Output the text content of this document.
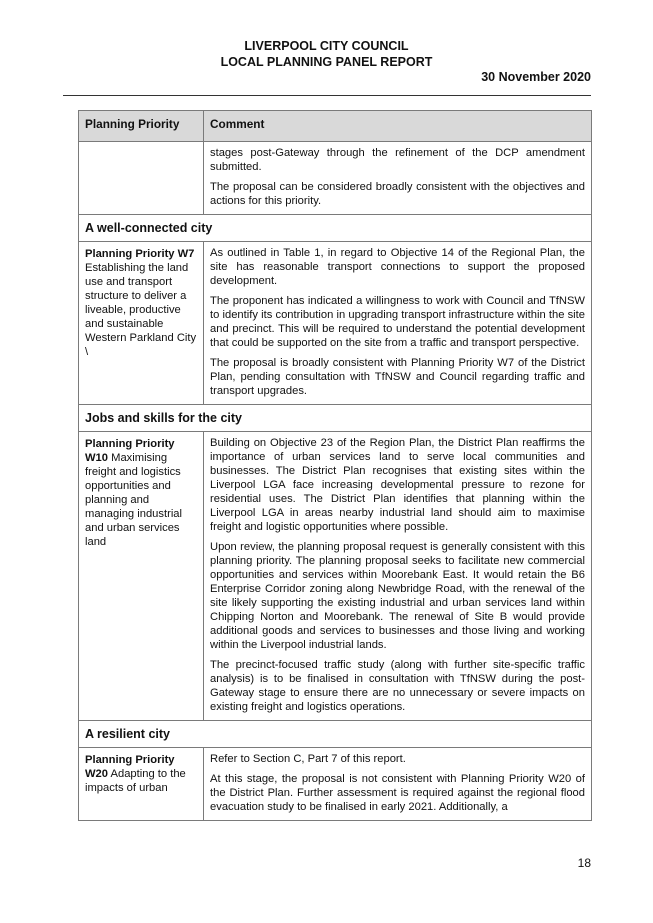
LIVERPOOL CITY COUNCIL
LOCAL PLANNING PANEL REPORT
30 November 2020
Planning Priority	Comment

	stages post-Gateway through the refinement of the DCP amendment submitted.

The proposal can be considered broadly consistent with the objectives and actions for this priority.

A well-connected city	
Planning Priority W7 Establishing the land use and transport structure to deliver a liveable, productive and sustainable Western Parkland City \	As outlined in Table 1, in regard to Objective 14 of the Regional Plan, the site has reasonable transport connections to support the proposed development.

The proponent has indicated a willingness to work with Council and TfNSW to identify its contribution in upgrading transport infrastructure within the site and precinct. This will be required to understand the potential development that could be supported on the site from a traffic and transport perspective.

The proposal is broadly consistent with Planning Priority W7 of the District Plan, pending consultation with TfNSW and Council regarding traffic and transport upgrades.

Jobs and skills for the city	
Planning Priority W10 Maximising freight and logistics opportunities and planning and managing industrial and urban services land	Building on Objective 23 of the Region Plan, the District Plan reaffirms the importance of urban services land to serve local communities and businesses. The District Plan recognises that existing sites within the Liverpool LGA face increasing developmental pressure to rezone for residential uses. The District Plan identifies that planning within the Liverpool LGA in areas nearby industrial land should aim to maximise freight and logistic opportunities where possible.

Upon review, the planning proposal request is generally consistent with this planning priority. The planning proposal seeks to facilitate new commercial opportunities and services within Moorebank East. It would retain the B6 Enterprise Corridor zoning along Newbridge Road, with the renewal of the site likely supporting the existing industrial and urban services land within Chipping Norton and Moorebank. The renewal of Site B would provide additional goods and services to businesses and those living and working within the Liverpool industrial lands.

The precinct-focused traffic study (along with further site-specific traffic analysis) is to be finalised in consultation with TfNSW during the post-Gateway stage to ensure there are no unnecessary or severe impacts on existing freight and logistics operations.

A resilient city	
Planning Priority W20 Adapting to the impacts of urban	Refer to Section C, Part 7 of this report.

At this stage, the proposal is not consistent with Planning Priority W20 of the District Plan. Further assessment is required against the regional flood evacuation study to be finalised in early 2021. Additionally, a

18
